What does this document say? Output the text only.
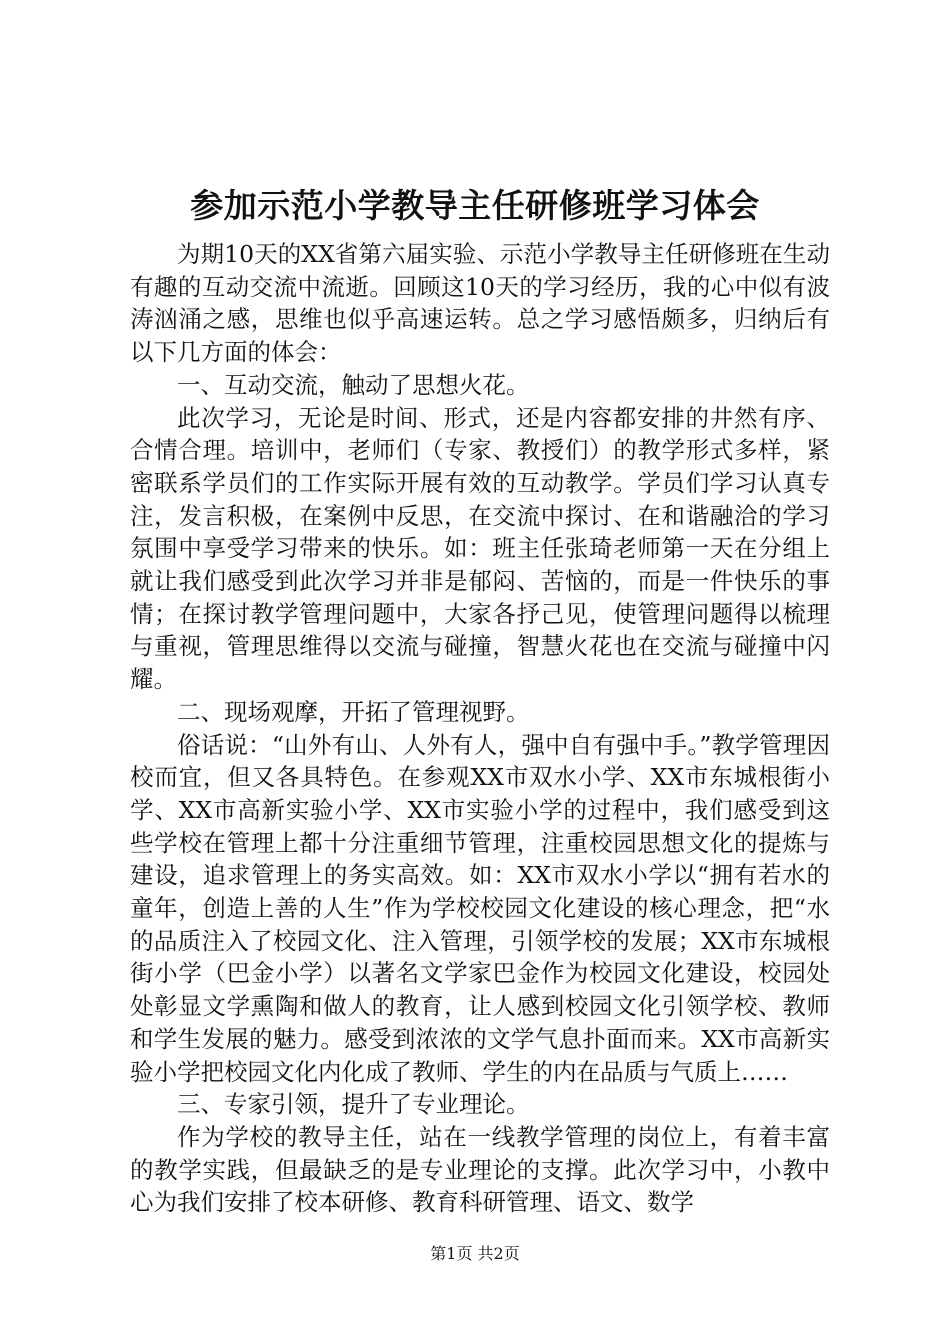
参加示范小学教导主任研修班学习体会

为期10天的XX省第六届实验、示范小学教导主任研修班在生动有趣的互动交流中流逝。回顾这10天的学习经历，我的心中似有波涛汹涌之感，思维也似乎高速运转。总之学习感悟颇多，归纳后有以下几方面的体会：

一、互动交流，触动了思想火花。

此次学习，无论是时间、形式，还是内容都安排的井然有序、合情合理。培训中，老师们（专家、教授们）的教学形式多样，紧密联系学员们的工作实际开展有效的互动教学。学员们学习认真专注，发言积极，在案例中反思，在交流中探讨、在和谐融洽的学习氛围中享受学习带来的快乐。如：班主任张琦老师第一天在分组上就让我们感受到此次学习并非是郁闷、苦恼的，而是一件快乐的事情；在探讨教学管理问题中，大家各抒己见，使管理问题得以梳理与重视，管理思维得以交流与碰撞，智慧火花也在交流与碰撞中闪耀。

二、现场观摩，开拓了管理视野。

俗话说：“山外有山、人外有人，强中自有强中手。”教学管理因校而宜，但又各具特色。在参观XX市双水小学、XX市东城根街小学、XX市高新实验小学、XX市实验小学的过程中，我们感受到这些学校在管理上都十分注重细节管理，注重校园思想文化的提炼与建设，追求管理上的务实高效。如：XX市双水小学以“拥有若水的童年，创造上善的人生”作为学校校园文化建设的核心理念，把“水的品质注入了校园文化、注入管理，引领学校的发展；XX市东城根街小学（巴金小学）以著名文学家巴金作为校园文化建设，校园处处彰显文学熏陶和做人的教育，让人感到校园文化引领学校、教师和学生发展的魅力。感受到浓浓的文学气息扑面而来。XX市高新实验小学把校园文化内化成了教师、学生的内在品质与气质上……

三、专家引领，提升了专业理论。

作为学校的教导主任，站在一线教学管理的岗位上，有着丰富的教学实践，但最缺乏的是专业理论的支撑。此次学习中，小教中心为我们安排了校本研修、教育科研管理、语文、数学

第1页 共2页
